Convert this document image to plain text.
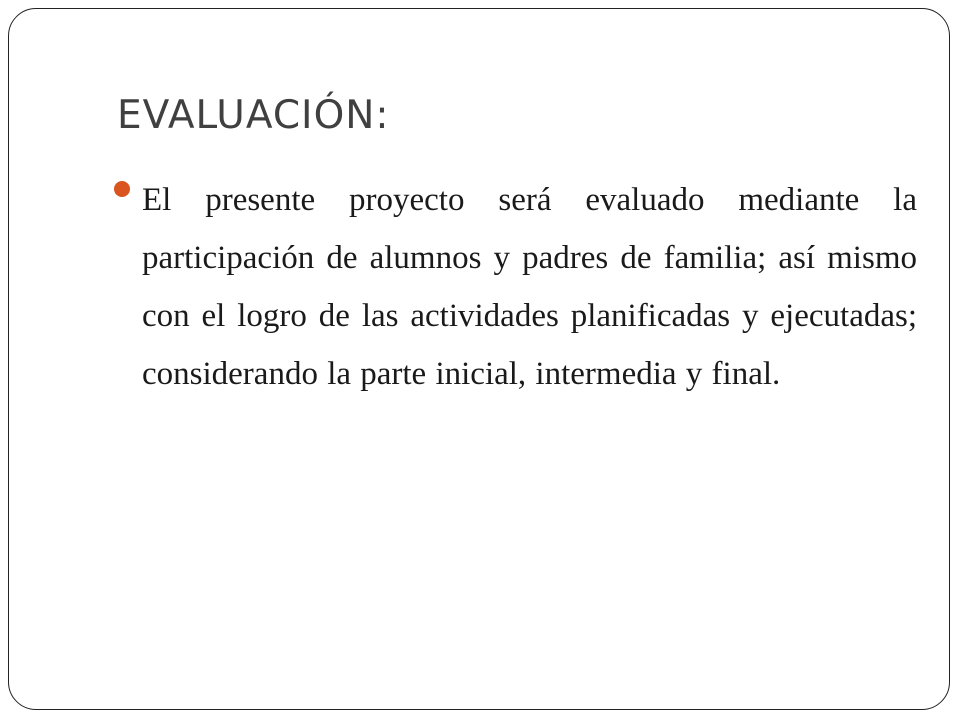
EVALUACIÓN:

El presente proyecto será evaluado mediante la participación de alumnos y padres de familia; así mismo con el logro de las actividades planificadas y ejecutadas; considerando la parte inicial, intermedia y final.
